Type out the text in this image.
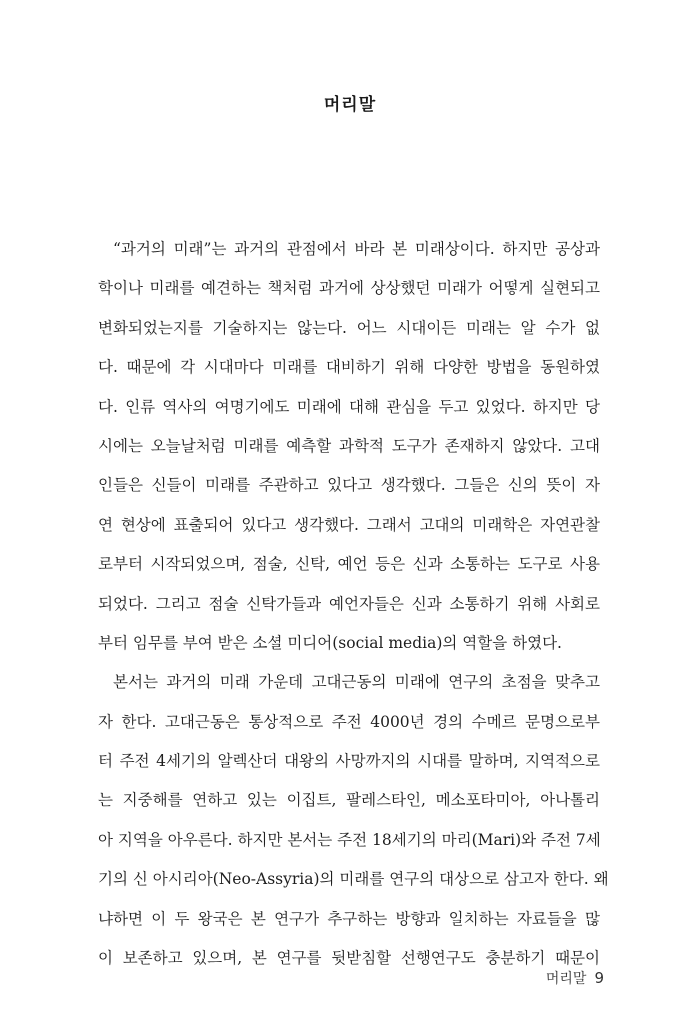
머리말
“과거의 미래”는 과거의 관점에서 바라 본 미래상이다. 하지만 공상과
학이나 미래를 예견하는 책처럼 과거에 상상했던 미래가 어떻게 실현되고
변화되었는지를 기술하지는 않는다. 어느 시대이든 미래는 알 수가 없
다. 때문에 각 시대마다 미래를 대비하기 위해 다양한 방법을 동원하였
다. 인류 역사의 여명기에도 미래에 대해 관심을 두고 있었다. 하지만 당
시에는 오늘날처럼 미래를 예측할 과학적 도구가 존재하지 않았다. 고대
인들은 신들이 미래를 주관하고 있다고 생각했다. 그들은 신의 뜻이 자
연 현상에 표출되어 있다고 생각했다. 그래서 고대의 미래학은 자연관찰
로부터 시작되었으며, 점술, 신탁, 예언 등은 신과 소통하는 도구로 사용
되었다. 그리고 점술 신탁가들과 예언자들은 신과 소통하기 위해 사회로
부터 임무를 부여 받은 소셜 미디어(social media)의 역할을 하였다.
본서는 과거의 미래 가운데 고대근동의 미래에 연구의 초점을 맞추고
자 한다. 고대근동은 통상적으로 주전 4000년 경의 수메르 문명으로부
터 주전 4세기의 알렉산더 대왕의 사망까지의 시대를 말하며, 지역적으로
는 지중해를 연하고 있는 이집트, 팔레스타인, 메소포타미아, 아나톨리
아 지역을 아우른다. 하지만 본서는 주전 18세기의 마리(Mari)와 주전 7세
기의 신 아시리아(Neo-Assyria)의 미래를 연구의 대상으로 삼고자 한다. 왜
냐하면 이 두 왕국은 본 연구가 추구하는 방향과 일치하는 자료들을 많
이 보존하고 있으며, 본 연구를 뒷받침할 선행연구도 충분하기 때문이
머리말 9
